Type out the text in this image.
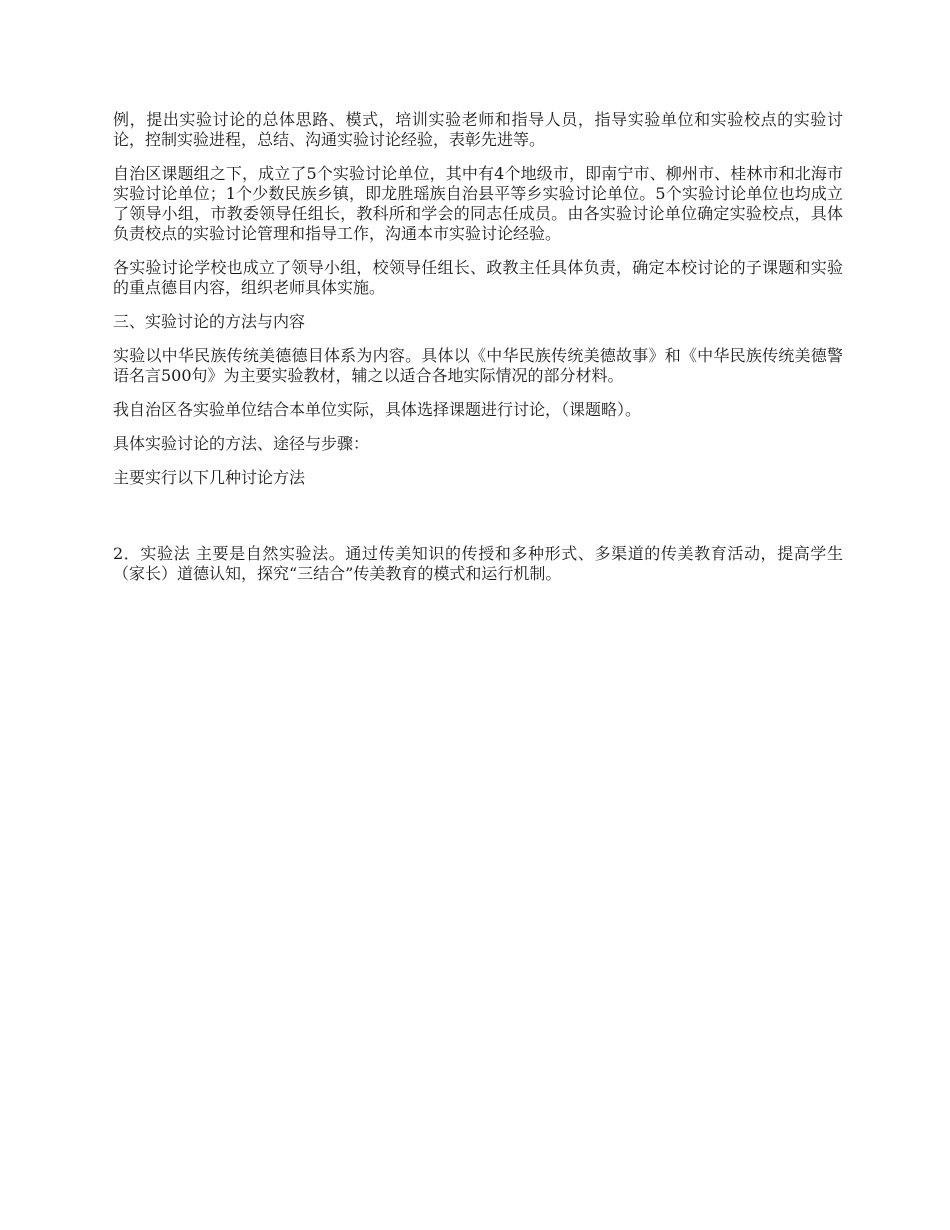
例，提出实验讨论的总体思路、模式，培训实验老师和指导人员，指导实验单位和实验校点的实验讨论，控制实验进程，总结、沟通实验讨论经验，表彰先进等。

自治区课题组之下，成立了5个实验讨论单位，其中有4个地级市，即南宁市、柳州市、桂林市和北海市实验讨论单位；1个少数民族乡镇，即龙胜瑶族自治县平等乡实验讨论单位。5个实验讨论单位也均成立了领导小组，市教委领导任组长，教科所和学会的同志任成员。由各实验讨论单位确定实验校点，具体负责校点的实验讨论管理和指导工作，沟通本市实验讨论经验。

各实验讨论学校也成立了领导小组，校领导任组长、政教主任具体负责，确定本校讨论的子课题和实验的重点德目内容，组织老师具体实施。

三、实验讨论的方法与内容

实验以中华民族传统美德德目体系为内容。具体以《中华民族传统美德故事》和《中华民族传统美德警语名言500句》为主要实验教材，辅之以适合各地实际情况的部分材料。

我自治区各实验单位结合本单位实际，具体选择课题进行讨论，（课题略）。

具体实验讨论的方法、途径与步骤：

主要实行以下几种讨论方法

2．实验法 主要是自然实验法。通过传美知识的传授和多种形式、多渠道的传美教育活动，提高学生（家长）道德认知，探究“三结合”传美教育的模式和运行机制。
